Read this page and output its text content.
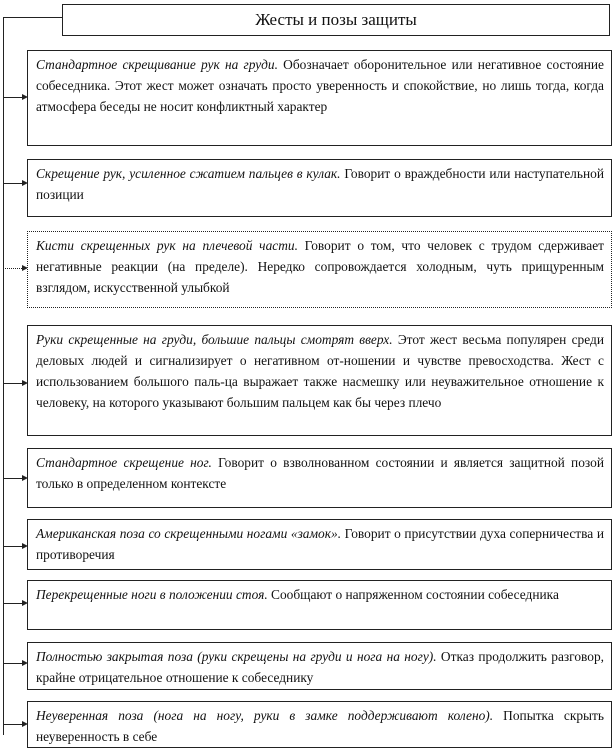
Жесты и позы защиты
Стандартное скрещивание рук на груди. Обозначает оборонительное или негативное состояние собеседника. Этот жест может означать просто уверенность и спокойствие, но лишь тогда, когда атмосфера беседы не носит конфликтный характер
Скрещение рук, усиленное сжатием пальцев в кулак. Говорит о враждебности или наступательной позиции
Кисти скрещенных рук на плечевой части. Говорит о том, что человек с трудом сдерживает негативные реакции (на пределе). Нередко сопровождается холодным, чуть прищуренным взглядом, искусственной улыбкой
Руки скрещенные на груди, большие пальцы смотрят вверх. Этот жест весьма популярен среди деловых людей и сигнализирует о негативном от-ношении и чувстве превосходства. Жест с использованием большого паль-ца выражает также насмешку или неуважительное отношение к человеку, на которого указывают большим пальцем как бы через плечо
Стандартное скрещение ног. Говорит о взволнованном состоянии и является защитной позой только в определенном контексте
Американская поза со скрещенными ногами «замок». Говорит о присутствии духа соперничества и противоречия
Перекрещенные ноги в положении стоя. Сообщают о напряженном состоянии собеседника
Полностью закрытая поза (руки скрещены на груди и нога на ногу). Отказ продолжить разговор, крайне отрицательное отношение к собеседнику
Неуверенная поза (нога на ногу, руки в замке поддерживают колено). Попытка скрыть неуверенность в себе
